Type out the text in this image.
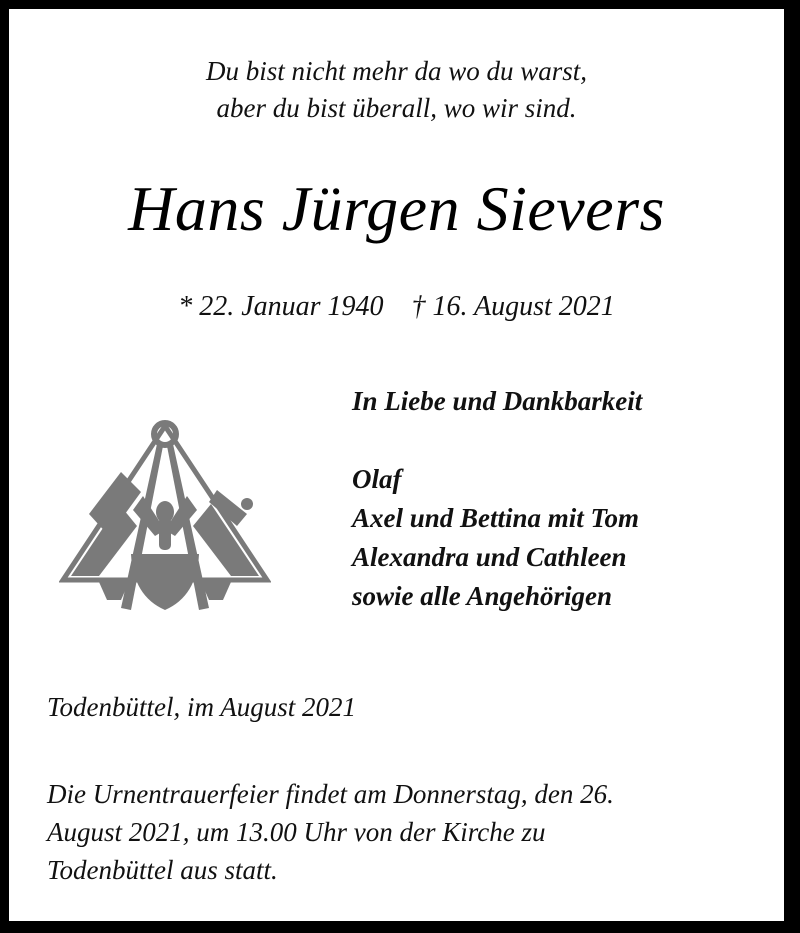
Du bist nicht mehr da wo du warst,
aber du bist überall, wo wir sind.
Hans Jürgen Sievers
* 22. Januar 1940 † 16. August 2021
In Liebe und Dankbarkeit
Olaf
Axel und Bettina mit Tom
Alexandra und Cathleen
sowie alle Angehörigen
Todenbüttel, im August 2021
Die Urnentrauerfeier findet am Donnerstag, den 26.
August 2021, um 13.00 Uhr von der Kirche zu
Todenbüttel aus statt.
